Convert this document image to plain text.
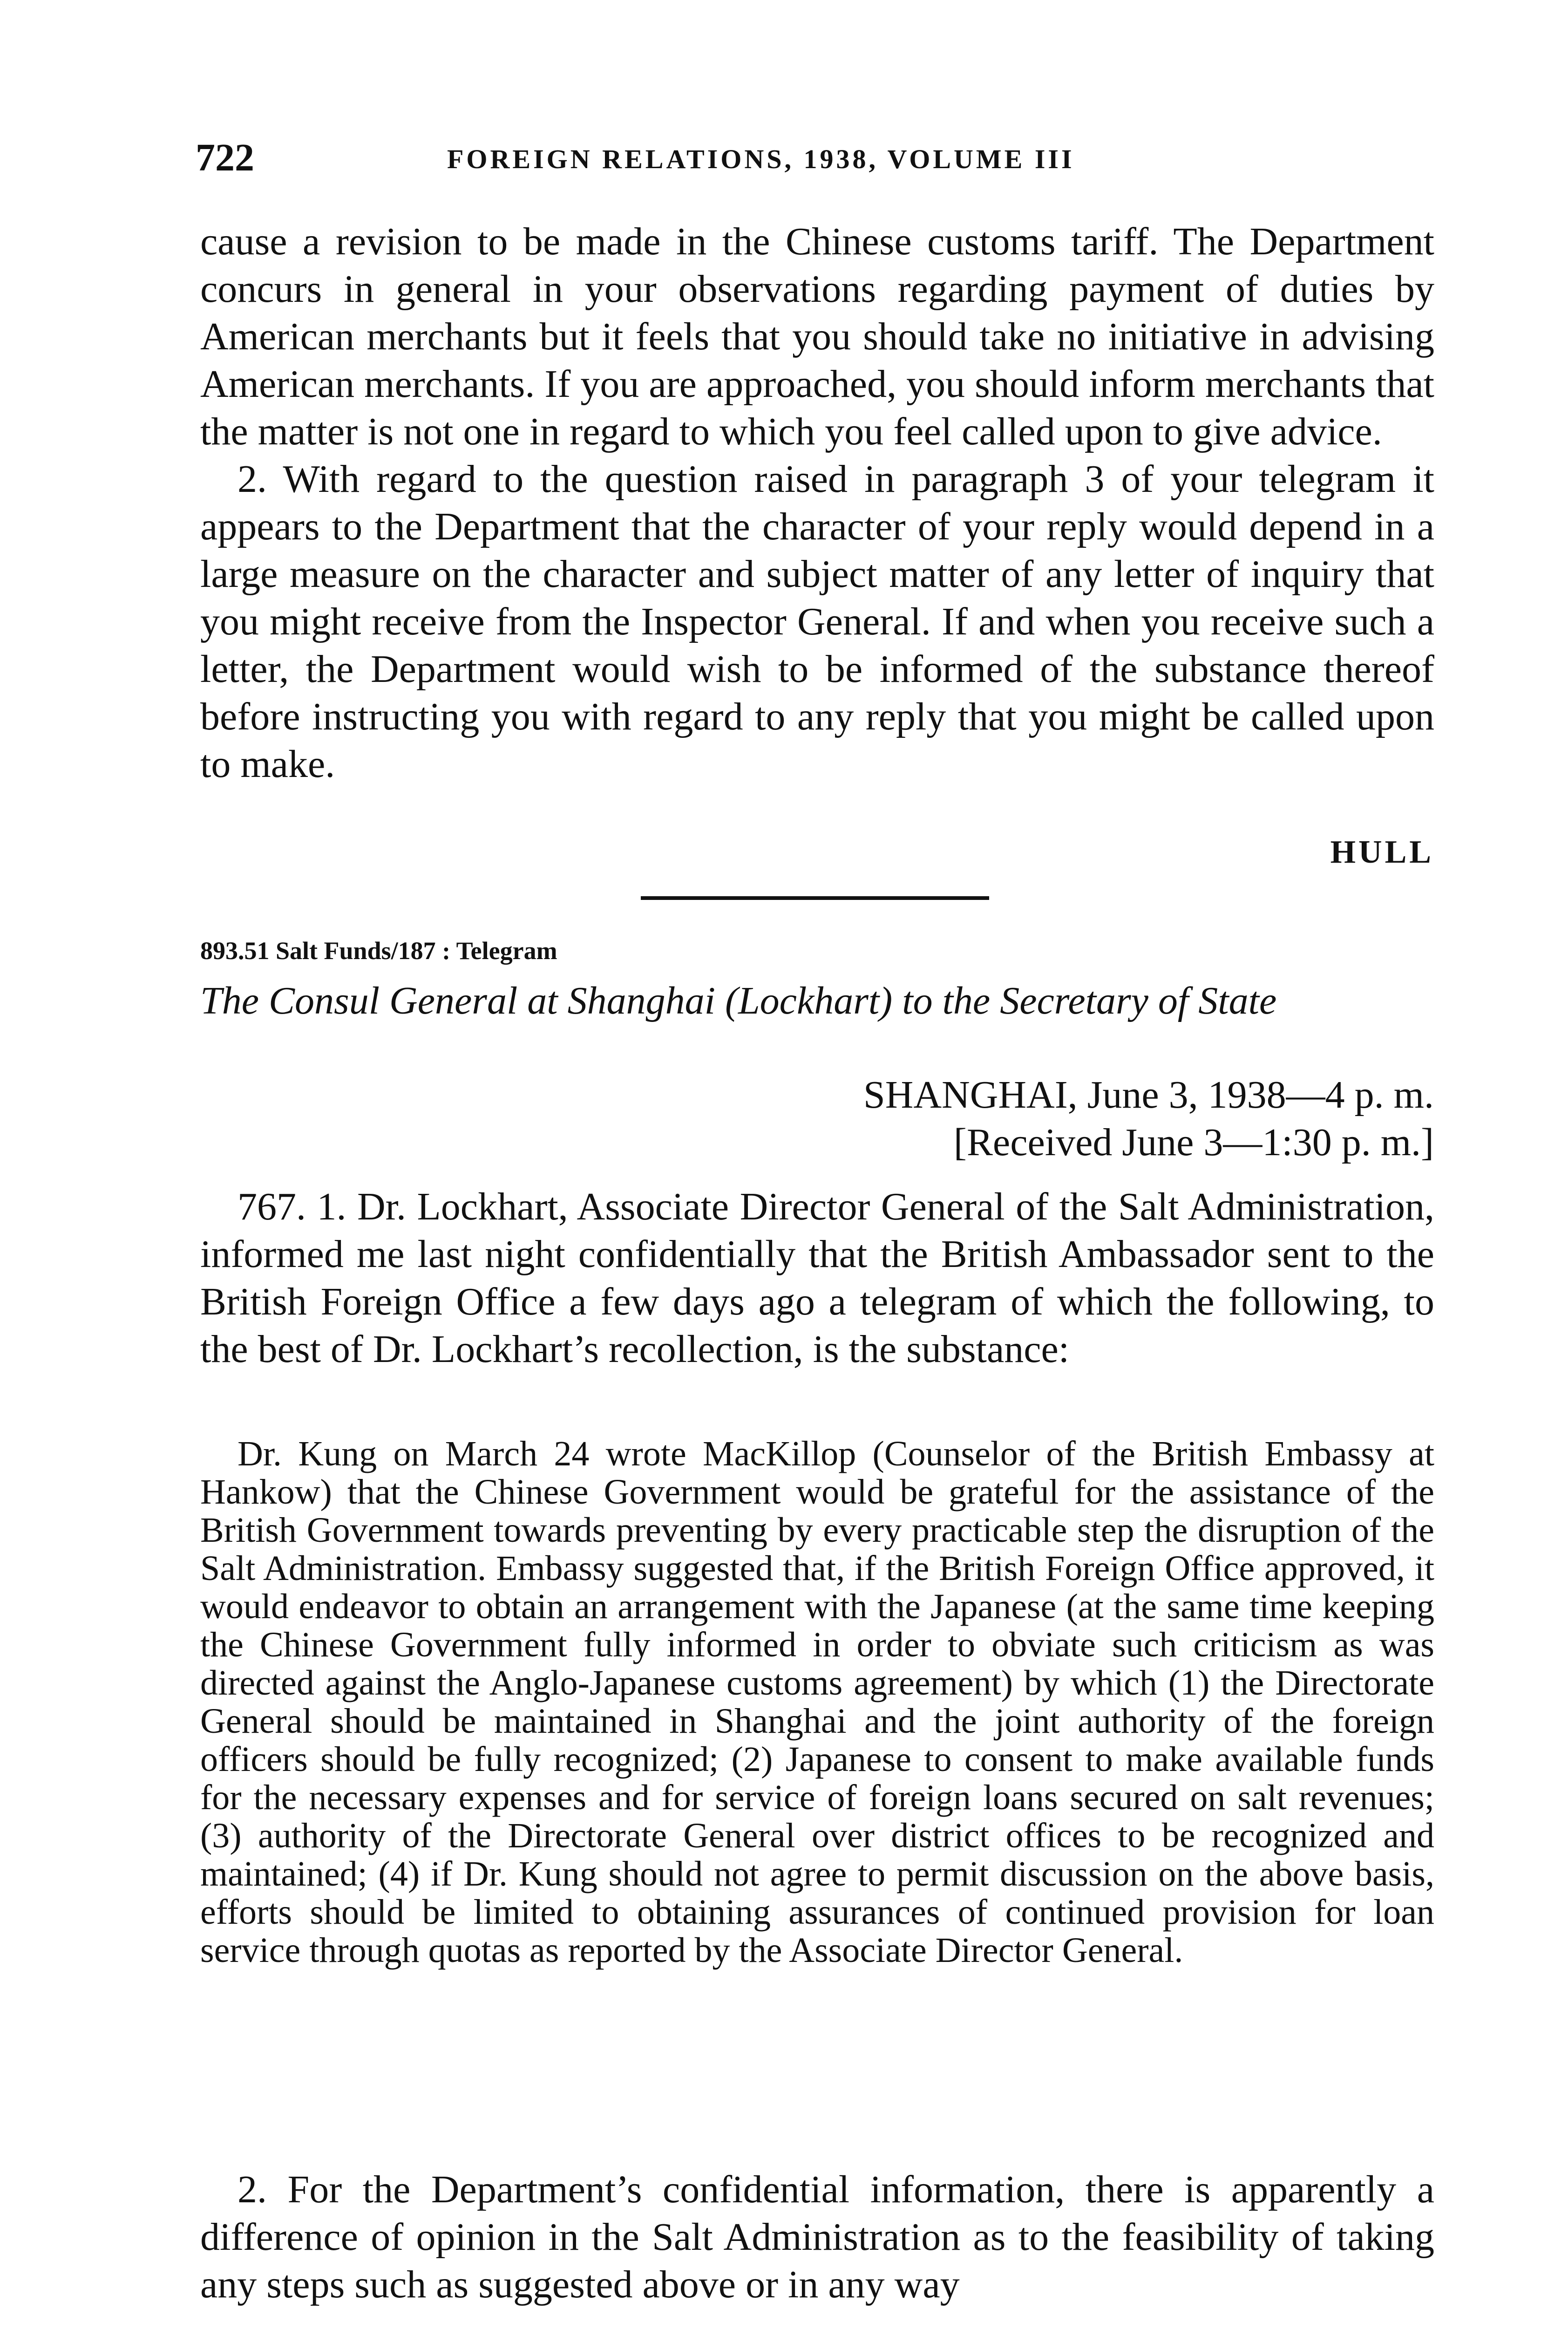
722	FOREIGN RELATIONS, 1938, VOLUME III

cause a revision to be made in the Chinese customs tariff. The Department concurs in general in your observations regarding payment of duties by American merchants but it feels that you should take no initiative in advising American merchants. If you are approached, you should inform merchants that the matter is not one in regard to which you feel called upon to give advice.

2. With regard to the question raised in paragraph 3 of your telegram it appears to the Department that the character of your reply would depend in a large measure on the character and subject matter of any letter of inquiry that you might receive from the Inspector General. If and when you receive such a letter, the Department would wish to be informed of the substance thereof before instructing you with regard to any reply that you might be called upon to make.

HULL
893.51 Salt Funds/187 : Telegram
The Consul General at Shanghai (Lockhart) to the Secretary of State
SHANGHAI, June 3, 1938—4 p. m.
[Received June 3—1:30 p. m.]

767. 1. Dr. Lockhart, Associate Director General of the Salt Administration, informed me last night confidentially that the British Ambassador sent to the British Foreign Office a few days ago a telegram of which the following, to the best of Dr. Lockhart’s recollection, is the substance:

Dr. Kung on March 24 wrote MacKillop (Counselor of the British Embassy at Hankow) that the Chinese Government would be grateful for the assistance of the British Government towards preventing by every practicable step the disruption of the Salt Administration. Embassy suggested that, if the British Foreign Office approved, it would endeavor to obtain an arrangement with the Japanese (at the same time keeping the Chinese Government fully informed in order to obviate such criticism as was directed against the Anglo-Japanese customs agreement) by which (1) the Directorate General should be maintained in Shanghai and the joint authority of the foreign officers should be fully recognized; (2) Japanese to consent to make available funds for the necessary expenses and for service of foreign loans secured on salt revenues; (3) authority of the Directorate General over district offices to be recognized and maintained; (4) if Dr. Kung should not agree to permit discussion on the above basis, efforts should be limited to obtaining assurances of continued provision for loan service through quotas as reported by the Associate Director General.

2. For the Department’s confidential information, there is apparently a difference of opinion in the Salt Administration as to the feasibility of taking any steps such as suggested above or in any way
